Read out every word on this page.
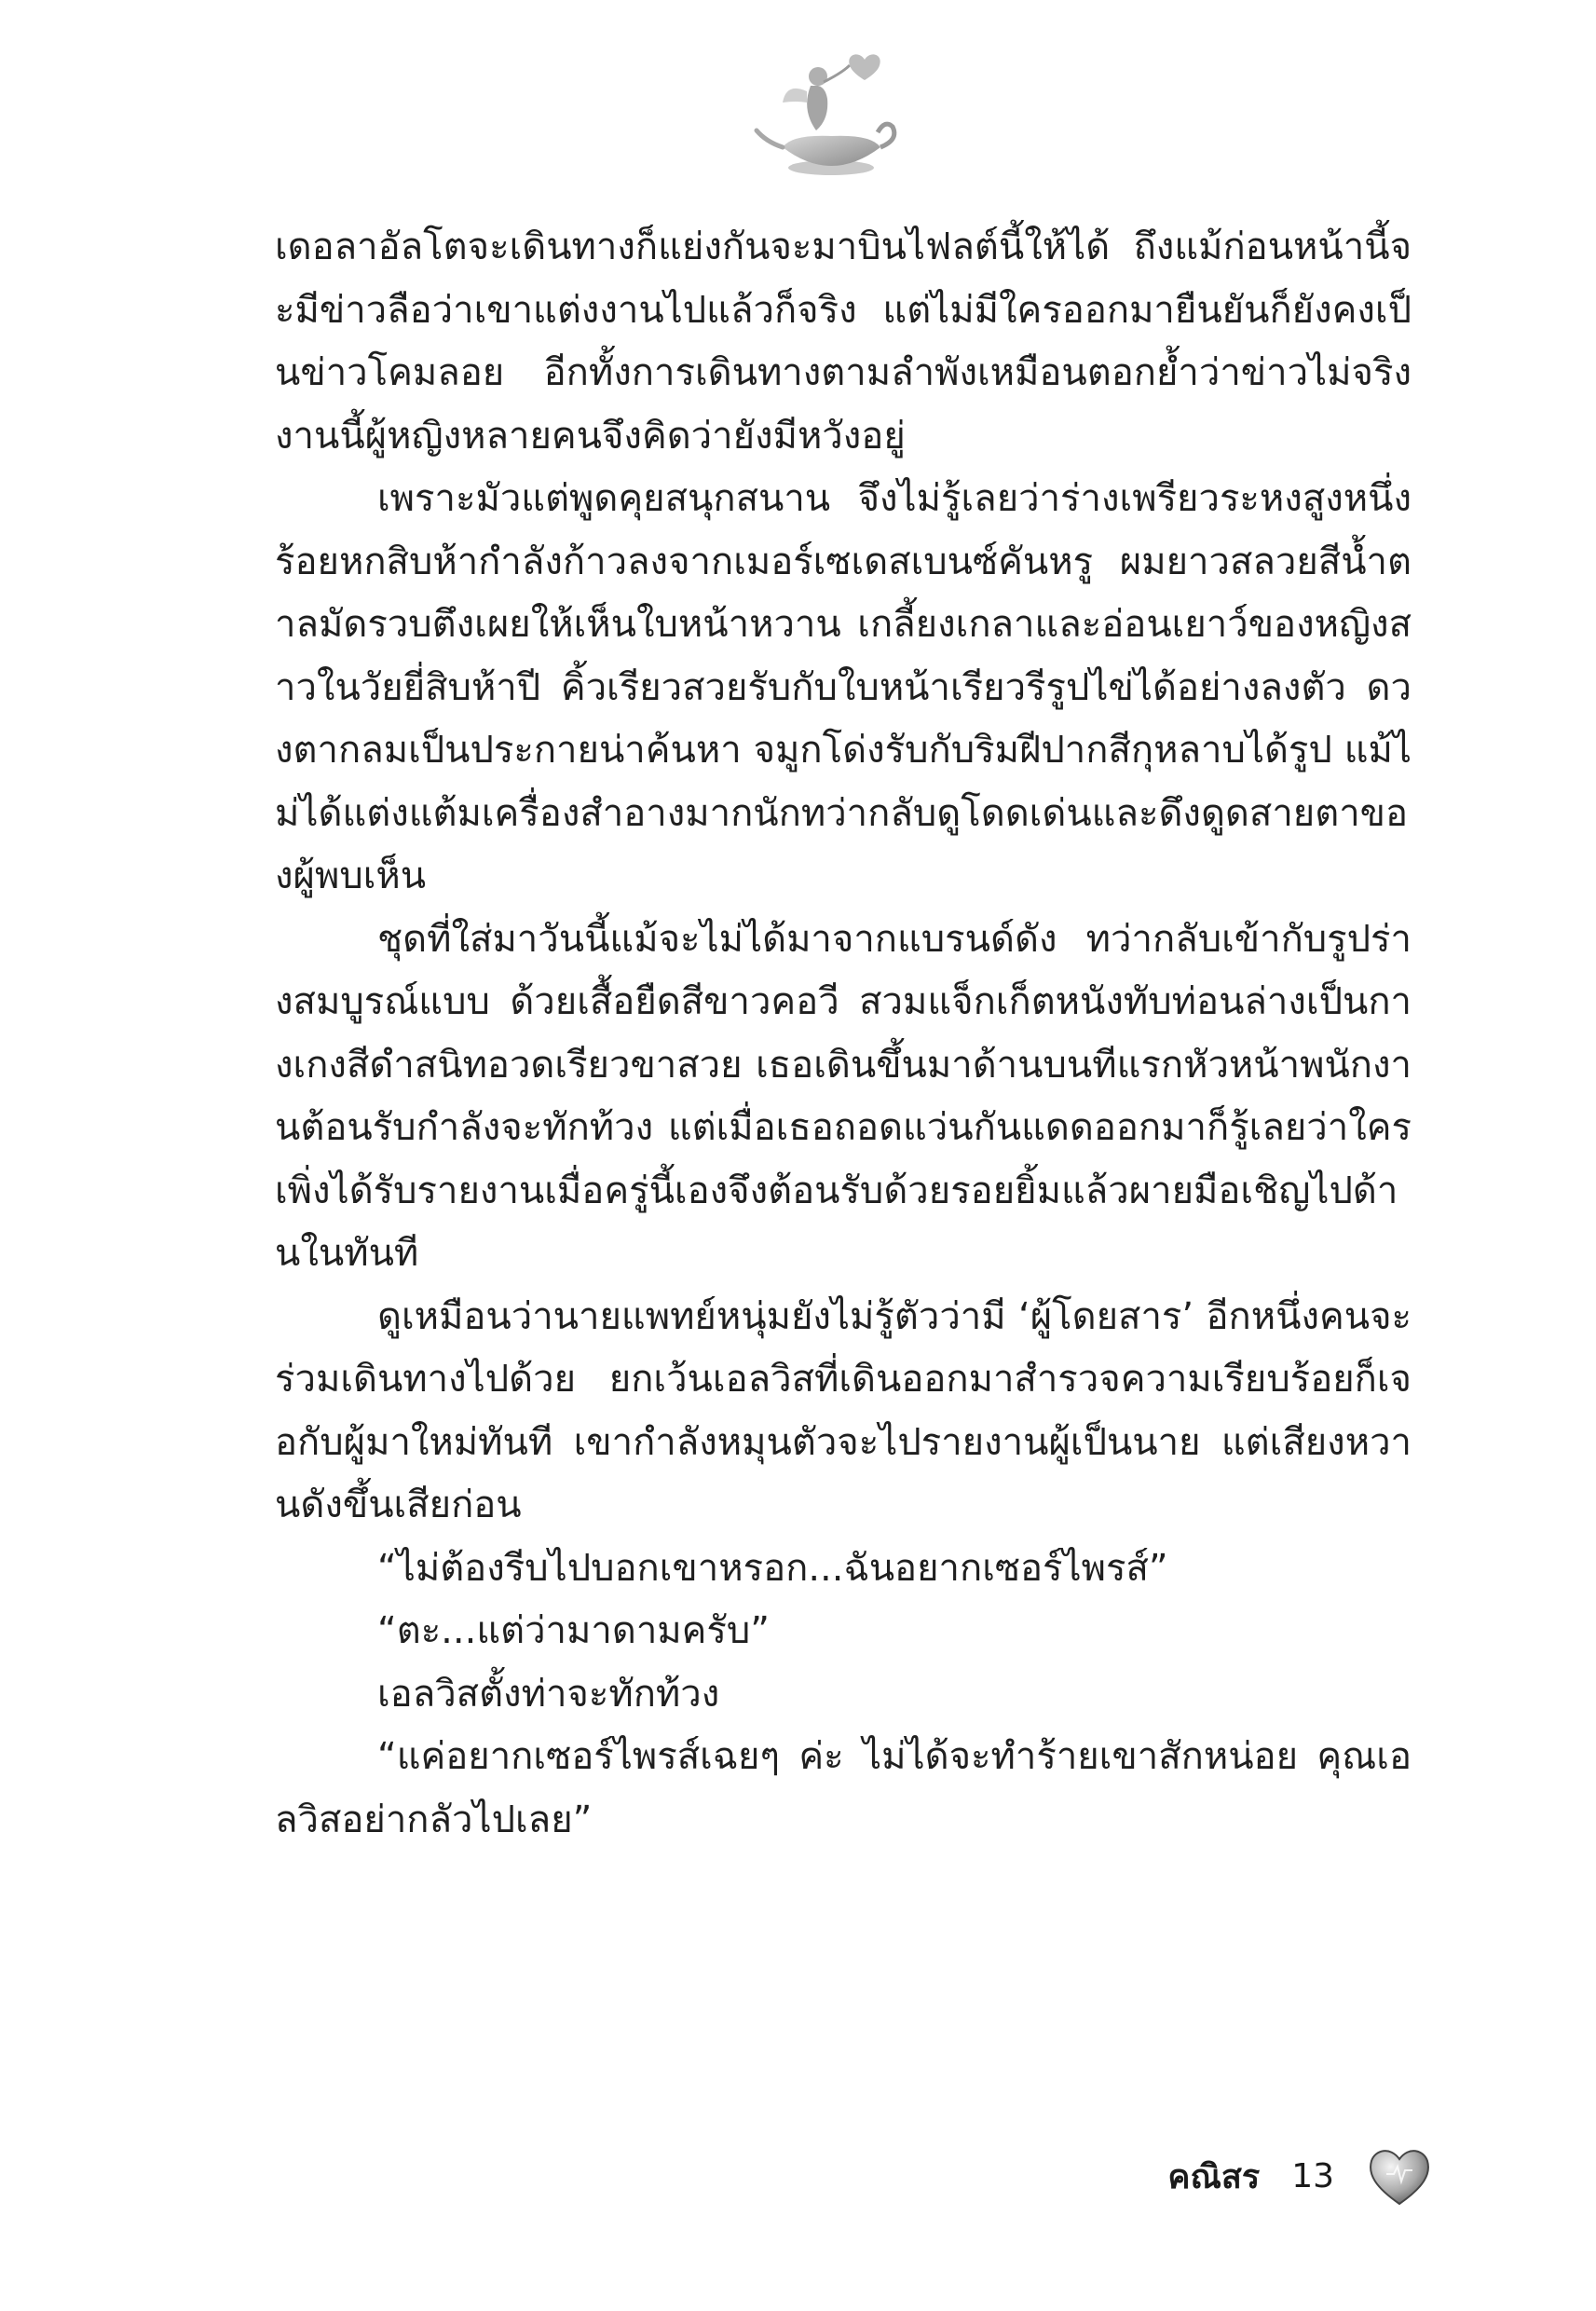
เดอลาอัลโตจะเดินทางก็แย่งกันจะมาบินไฟลต์นี้ให้ได้ ถึงแม้ก่อนหน้านี้จะมีข่าวลือว่าเขาแต่งงานไปแล้วก็จริง แต่ไม่มีใครออกมายืนยันก็ยังคงเป็นข่าวโคมลอย อีกทั้งการเดินทางตามลำพังเหมือนตอกย้ำว่าข่าวไม่จริง งานนี้ผู้หญิงหลายคนจึงคิดว่ายังมีหวังอยู่

เพราะมัวแต่พูดคุยสนุกสนาน จึงไม่รู้เลยว่าร่างเพรียวระหงสูงหนึ่งร้อยหกสิบห้ากำลังก้าวลงจากเมอร์เซเดสเบนซ์คันหรู ผมยาวสลวยสีน้ำตาลมัดรวบตึงเผยให้เห็นใบหน้าหวาน เกลี้ยงเกลาและอ่อนเยาว์ของหญิงสาวในวัยยี่สิบห้าปี คิ้วเรียวสวยรับกับใบหน้าเรียวรีรูปไข่ได้อย่างลงตัว ดวงตากลมเป็นประกายน่าค้นหา จมูกโด่งรับกับริมฝีปากสีกุหลาบได้รูป แม้ไม่ได้แต่งแต้มเครื่องสำอางมากนักทว่ากลับดูโดดเด่นและดึงดูดสายตาของผู้พบเห็น

ชุดที่ใส่มาวันนี้แม้จะไม่ได้มาจากแบรนด์ดัง ทว่ากลับเข้ากับรูปร่างสมบูรณ์แบบ ด้วยเสื้อยืดสีขาวคอวี สวมแจ็กเก็ตหนังทับท่อนล่างเป็นกางเกงสีดำสนิทอวดเรียวขาสวย เธอเดินขึ้นมาด้านบนทีแรกหัวหน้าพนักงานต้อนรับกำลังจะทักท้วง แต่เมื่อเธอถอดแว่นกันแดดออกมาก็รู้เลยว่าใคร เพิ่งได้รับรายงานเมื่อครู่นี้เองจึงต้อนรับด้วยรอยยิ้มแล้วผายมือเชิญไปด้านในทันที

ดูเหมือนว่านายแพทย์หนุ่มยังไม่รู้ตัวว่ามี ‘ผู้โดยสาร’ อีกหนึ่งคนจะร่วมเดินทางไปด้วย ยกเว้นเอลวิสที่เดินออกมาสำรวจความเรียบร้อยก็เจอกับผู้มาใหม่ทันที เขากำลังหมุนตัวจะไปรายงานผู้เป็นนาย แต่เสียงหวานดังขึ้นเสียก่อน

“ไม่ต้องรีบไปบอกเขาหรอก...ฉันอยากเซอร์ไพรส์”

“ตะ...แต่ว่ามาดามครับ”

เอลวิสตั้งท่าจะทักท้วง

“แค่อยากเซอร์ไพรส์เฉยๆ ค่ะ ไม่ได้จะทำร้ายเขาสักหน่อย คุณเอลวิสอย่ากลัวไปเลย”

คณิสร 13
